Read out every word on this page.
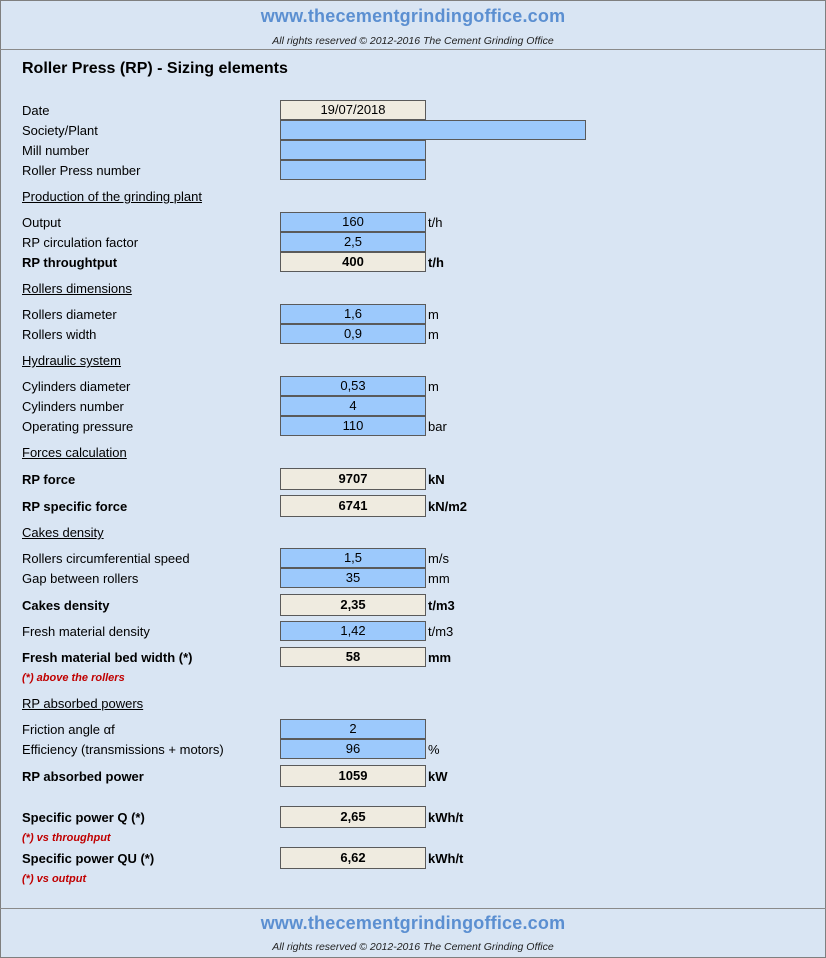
www.thecementgrindingoffice.com
All rights reserved © 2012-2016 The Cement Grinding Office
Roller Press (RP) - Sizing elements
Date	19/07/2018
Society/Plant
Mill number
Roller Press number
Production of the grinding plant
Output	160	t/h
RP circulation factor	2,5
RP throughtput	400	t/h
Rollers dimensions
Rollers diameter	1,6	m
Rollers width	0,9	m
Hydraulic system
Cylinders diameter	0,53	m
Cylinders number	4
Operating pressure	110	bar
Forces calculation
RP force	9707	kN
RP specific force	6741	kN/m2
Cakes density
Rollers circumferential speed	1,5	m/s
Gap between rollers	35	mm
Cakes density	2,35	t/m3
Fresh material density	1,42	t/m3
Fresh material bed width (*)	58	mm
(*) above the rollers
RP absorbed powers
Friction angle αf	2
Efficiency (transmissions + motors)	96	%
RP absorbed power	1059	kW
Specific power Q (*)	2,65	kWh/t
(*) vs throughput
Specific power QU (*)	6,62	kWh/t
(*) vs output
www.thecementgrindingoffice.com
All rights reserved © 2012-2016 The Cement Grinding Office
